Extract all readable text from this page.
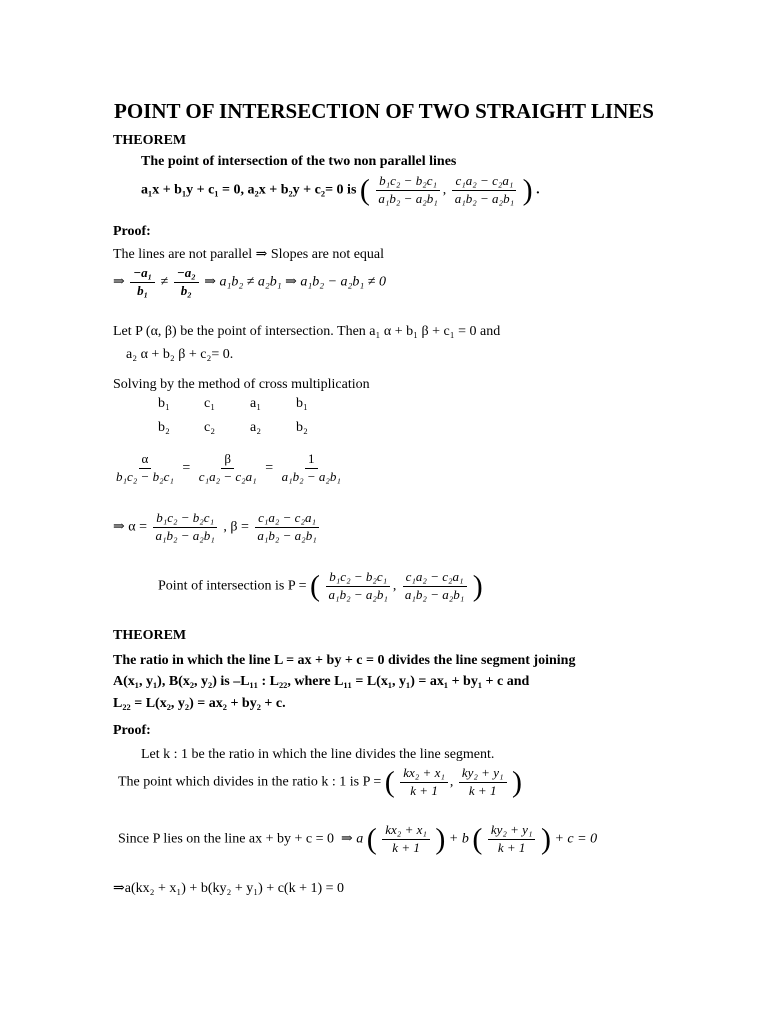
POINT OF INTERSECTION OF TWO STRAIGHT LINES
THEOREM
The point of intersection of the two non parallel lines
a₁x + b₁y + c₁ = 0, a₂x + b₂y + c₂= 0 is ( $\frac{\text{b₁c₂ − b₂c₁}}{\text{a₁b₂ − a₂b₁}}$ , $\frac{\text{c₁a₂ − c₂a₁}}{\text{a₁b₂ − a₂b₁}}$ ) .
Proof:
The lines are not parallel ⇒ Slopes are not equal
⇒ $\frac{\text{−a₁}}{\text{b₁}} \ne \frac{\text{−a₂}}{\text{b₂}}$ ⇒ a₁b₂ ≠ a₂b₁ ⇒ a₁b₂ − a₂b₁ ≠ 0
Let P (α, β) be the point of intersection. Then a₁ α + b₁ β + c₁ = 0 and
a₂ α + b₂ β + c₂= 0.
Solving by the method of cross multiplication
b₁ c₁ a₁ b₁
b₂ c₂ a₂ b₂
$\frac{\alpha}{\text{b₁c₂ − b₂c₁}} = \frac{\beta}{\text{c₁a₂ − c₂a₁}} = \frac{1}{\text{a₁b₂ − a₂b₁}}$
⇒ $\alpha = \frac{\text{b₁c₂ − b₂c₁}}{\text{a₁b₂ − a₂b₁}}$ , $\beta = \frac{\text{c₁a₂ − c₂a₁}}{\text{a₁b₂ − a₂b₁}}$
Point of intersection is P = ( $\frac{\text{b₁c₂ − b₂c₁}}{\text{a₁b₂ − a₂b₁}}$ , $\frac{\text{c₁a₂ − c₂a₁}}{\text{a₁b₂ − a₂b₁}}$ )
THEOREM
The ratio in which the line L = ax + by + c = 0 divides the line segment joining
A(x₁, y₁), B(x₂, y₂) is –L₁₁ : L₂₂, where L₁₁ = L(x₁, y₁) = ax₁ + by₁ + c and
L₂₂ = L(x₂, y₂) = ax₂ + by₂ + c.
Proof:
Let k : 1 be the ratio in which the line divides the line segment.
The point which divides in the ratio k : 1 is P = ( $\frac{\text{kx₂ + x₁}}{k + 1}$ , $\frac{\text{ky₂ + y₁}}{k + 1}$ )
Since P lies on the line ax + by + c = 0 ⇒ a ( $\frac{\text{kx₂ + x₁}}{k + 1}$ ) + b ( $\frac{\text{ky₂ + y₁}}{k + 1}$ ) + c = 0
⇒a(kx₂ + x₁) + b(ky₂ + y₁) + c(k + 1) = 0
